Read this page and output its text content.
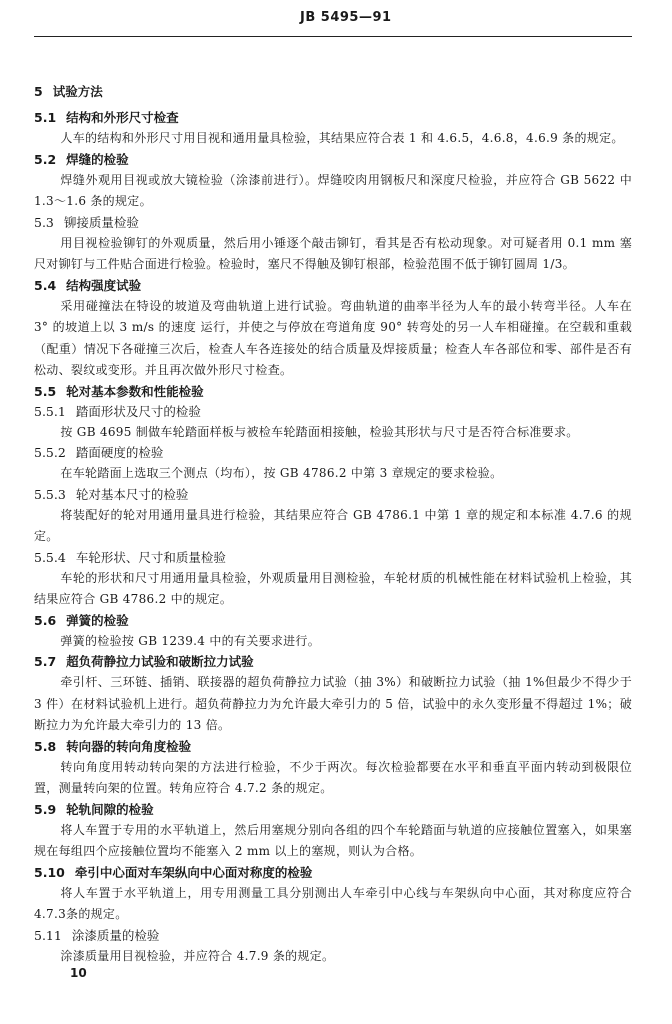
JB 5495—91
5 试验方法
5.1 结构和外形尺寸检查

人车的结构和外形尺寸用目视和通用量具检验，其结果应符合表 1 和 4.6.5，4.6.8，4.6.9 条的规定。

5.2 焊缝的检验

焊缝外观用目视或放大镜检验（涂漆前进行）。焊缝咬肉用钢板尺和深度尺检验，并应符合 GB 5622 中 1.3～1.6 条的规定。

5.3 铆接质量检验

用目视检验铆钉的外观质量，然后用小锤逐个敲击铆钉，看其是否有松动现象。对可疑者用 0.1 mm 塞尺对铆钉与工件贴合面进行检验。检验时，塞尺不得触及铆钉根部，检验范围不低于铆钉圆周 1/3。

5.4 结构强度试验

采用碰撞法在特设的坡道及弯曲轨道上进行试验。弯曲轨道的曲率半径为人车的最小转弯半径。人车在 3° 的坡道上以 3 m/s 的速度 运行，并使之与停放在弯道角度 90° 转弯处的另一人车相碰撞。在空载和重载（配重）情况下各碰撞三次后，检查人车各连接处的结合质量及焊接质量；检查人车各部位和零、部件是否有松动、裂纹或变形。并且再次做外形尺寸检查。

5.5 轮对基本参数和性能检验
5.5.1 踏面形状及尺寸的检验

按 GB 4695 制做车轮踏面样板与被检车轮踏面相接触，检验其形状与尺寸是否符合标准要求。

5.5.2 踏面硬度的检验

在车轮踏面上选取三个测点（均布），按 GB 4786.2 中第 3 章规定的要求检验。

5.5.3 轮对基本尺寸的检验

将装配好的轮对用通用量具进行检验，其结果应符合 GB 4786.1 中第 1 章的规定和本标准 4.7.6 的规定。

5.5.4 车轮形状、尺寸和质量检验

车轮的形状和尺寸用通用量具检验，外观质量用目测检验，车轮材质的机械性能在材料试验机上检验，其结果应符合 GB 4786.2 中的规定。

5.6 弹簧的检验

弹簧的检验按 GB 1239.4 中的有关要求进行。

5.7 超负荷静拉力试验和破断拉力试验

牵引杆、三环链、插销、联接器的超负荷静拉力试验（抽 3%）和破断拉力试验（抽 1%但最少不得少于 3 件）在材料试验机上进行。超负荷静拉力为允许最大牵引力的 5 倍，试验中的永久变形量不得超过 1%；破断拉力为允许最大牵引力的 13 倍。

5.8 转向器的转向角度检验

转向角度用转动转向架的方法进行检验，不少于两次。每次检验都要在水平和垂直平面内转动到极限位置，测量转向架的位置。转角应符合 4.7.2 条的规定。

5.9 轮轨间隙的检验

将人车置于专用的水平轨道上，然后用塞规分别向各组的四个车轮踏面与轨道的应接触位置塞入，如果塞规在每组四个应接触位置均不能塞入 2 mm 以上的塞规，则认为合格。

5.10 牵引中心面对车架纵向中心面对称度的检验

将人车置于水平轨道上，用专用测量工具分别测出人车牵引中心线与车架纵向中心面，其对称度应符合 4.7.3条的规定。

5.11 涂漆质量的检验

涂漆质量用目视检验，并应符合 4.7.9 条的规定。

10
